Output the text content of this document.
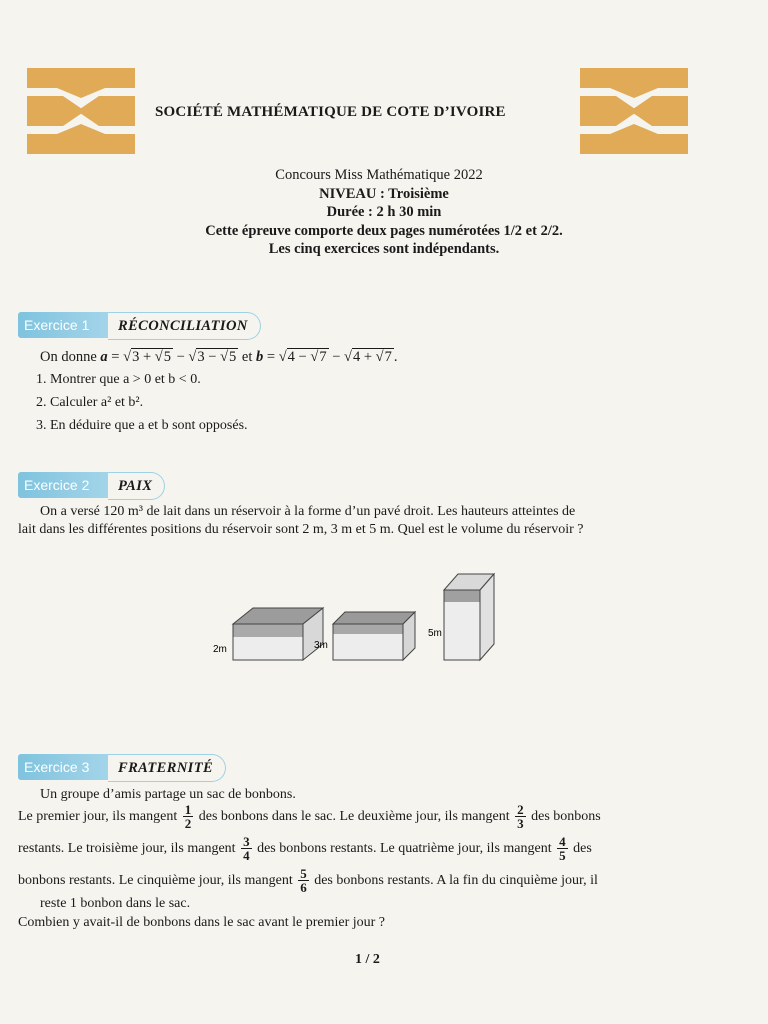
SOCIÉTÉ MATHÉMATIQUE DE COTE D’IVOIRE
Concours Miss Mathématique 2022
NIVEAU : Troisième
Durée : 2 h 30 min
Cette épreuve comporte deux pages numérotées 1/2 et 2/2.
Les cinq exercices sont indépendants.
Exercice 1	RÉCONCILIATION
On donne a = √3 + √5 − √3 − √5 et b = √4 − √7 − √4 + √7 .
1. Montrer que a > 0 et b < 0.
2. Calculer a² et b².
3. En déduire que a et b sont opposés.
Exercice 2	PAIX
On a versé 120 m³ de lait dans un réservoir à la forme d’un pavé droit. Les hauteurs atteintes de
lait dans les différentes positions du réservoir sont 2 m, 3 m et 5 m. Quel est le volume du réservoir ?
2m	3m
5m
Exercice 3	FRATERNITÉ
Un groupe d’amis partage un sac de bonbons.
Le premier jour, ils mangent $\frac{1}{2}$ des bonbons dans le sac. Le deuxième jour, ils mangent $\frac{2}{3}$ des bonbons
restants. Le troisième jour, ils mangent $\frac{3}{4}$ des bonbons restants. Le quatrième jour, ils mangent $\frac{4}{5}$ des
bonbons restants. Le cinquième jour, ils mangent $\frac{5}{6}$ des bonbons restants. A la fin du cinquième jour, il
reste 1 bonbon dans le sac.
Combien y avait-il de bonbons dans le sac avant le premier jour ?
1 / 2
